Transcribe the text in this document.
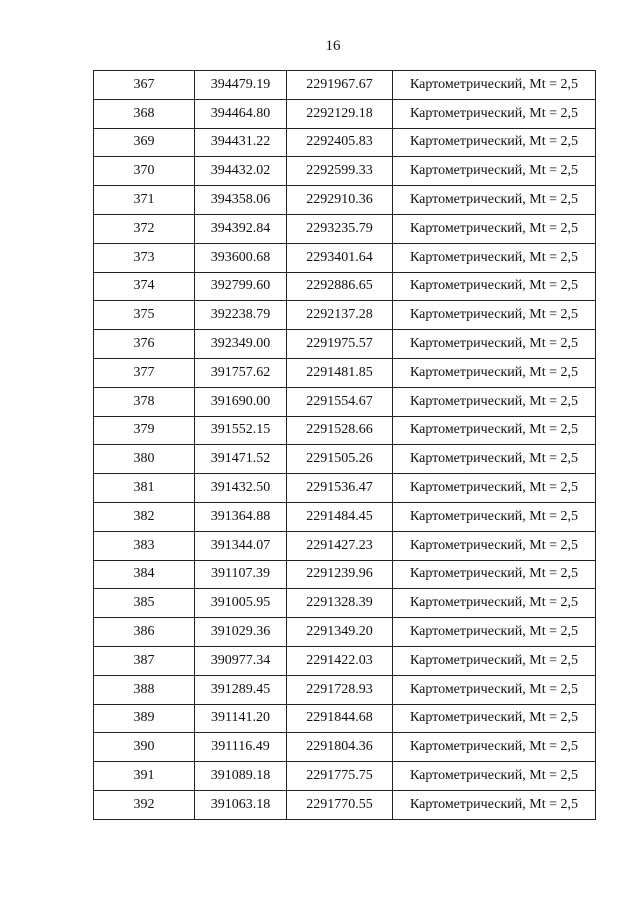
16
367	394479.19	2291967.67	Картометрический, Mt = 2,5
368	394464.80	2292129.18	Картометрический, Mt = 2,5
369	394431.22	2292405.83	Картометрический, Mt = 2,5
370	394432.02	2292599.33	Картометрический, Mt = 2,5
371	394358.06	2292910.36	Картометрический, Mt = 2,5
372	394392.84	2293235.79	Картометрический, Mt = 2,5
373	393600.68	2293401.64	Картометрический, Mt = 2,5
374	392799.60	2292886.65	Картометрический, Mt = 2,5
375	392238.79	2292137.28	Картометрический, Mt = 2,5
376	392349.00	2291975.57	Картометрический, Mt = 2,5
377	391757.62	2291481.85	Картометрический, Mt = 2,5
378	391690.00	2291554.67	Картометрический, Mt = 2,5
379	391552.15	2291528.66	Картометрический, Mt = 2,5
380	391471.52	2291505.26	Картометрический, Mt = 2,5
381	391432.50	2291536.47	Картометрический, Mt = 2,5
382	391364.88	2291484.45	Картометрический, Mt = 2,5
383	391344.07	2291427.23	Картометрический, Mt = 2,5
384	391107.39	2291239.96	Картометрический, Mt = 2,5
385	391005.95	2291328.39	Картометрический, Mt = 2,5
386	391029.36	2291349.20	Картометрический, Mt = 2,5
387	390977.34	2291422.03	Картометрический, Mt = 2,5
388	391289.45	2291728.93	Картометрический, Mt = 2,5
389	391141.20	2291844.68	Картометрический, Mt = 2,5
390	391116.49	2291804.36	Картометрический, Mt = 2,5
391	391089.18	2291775.75	Картометрический, Mt = 2,5
392	391063.18	2291770.55	Картометрический, Mt = 2,5
